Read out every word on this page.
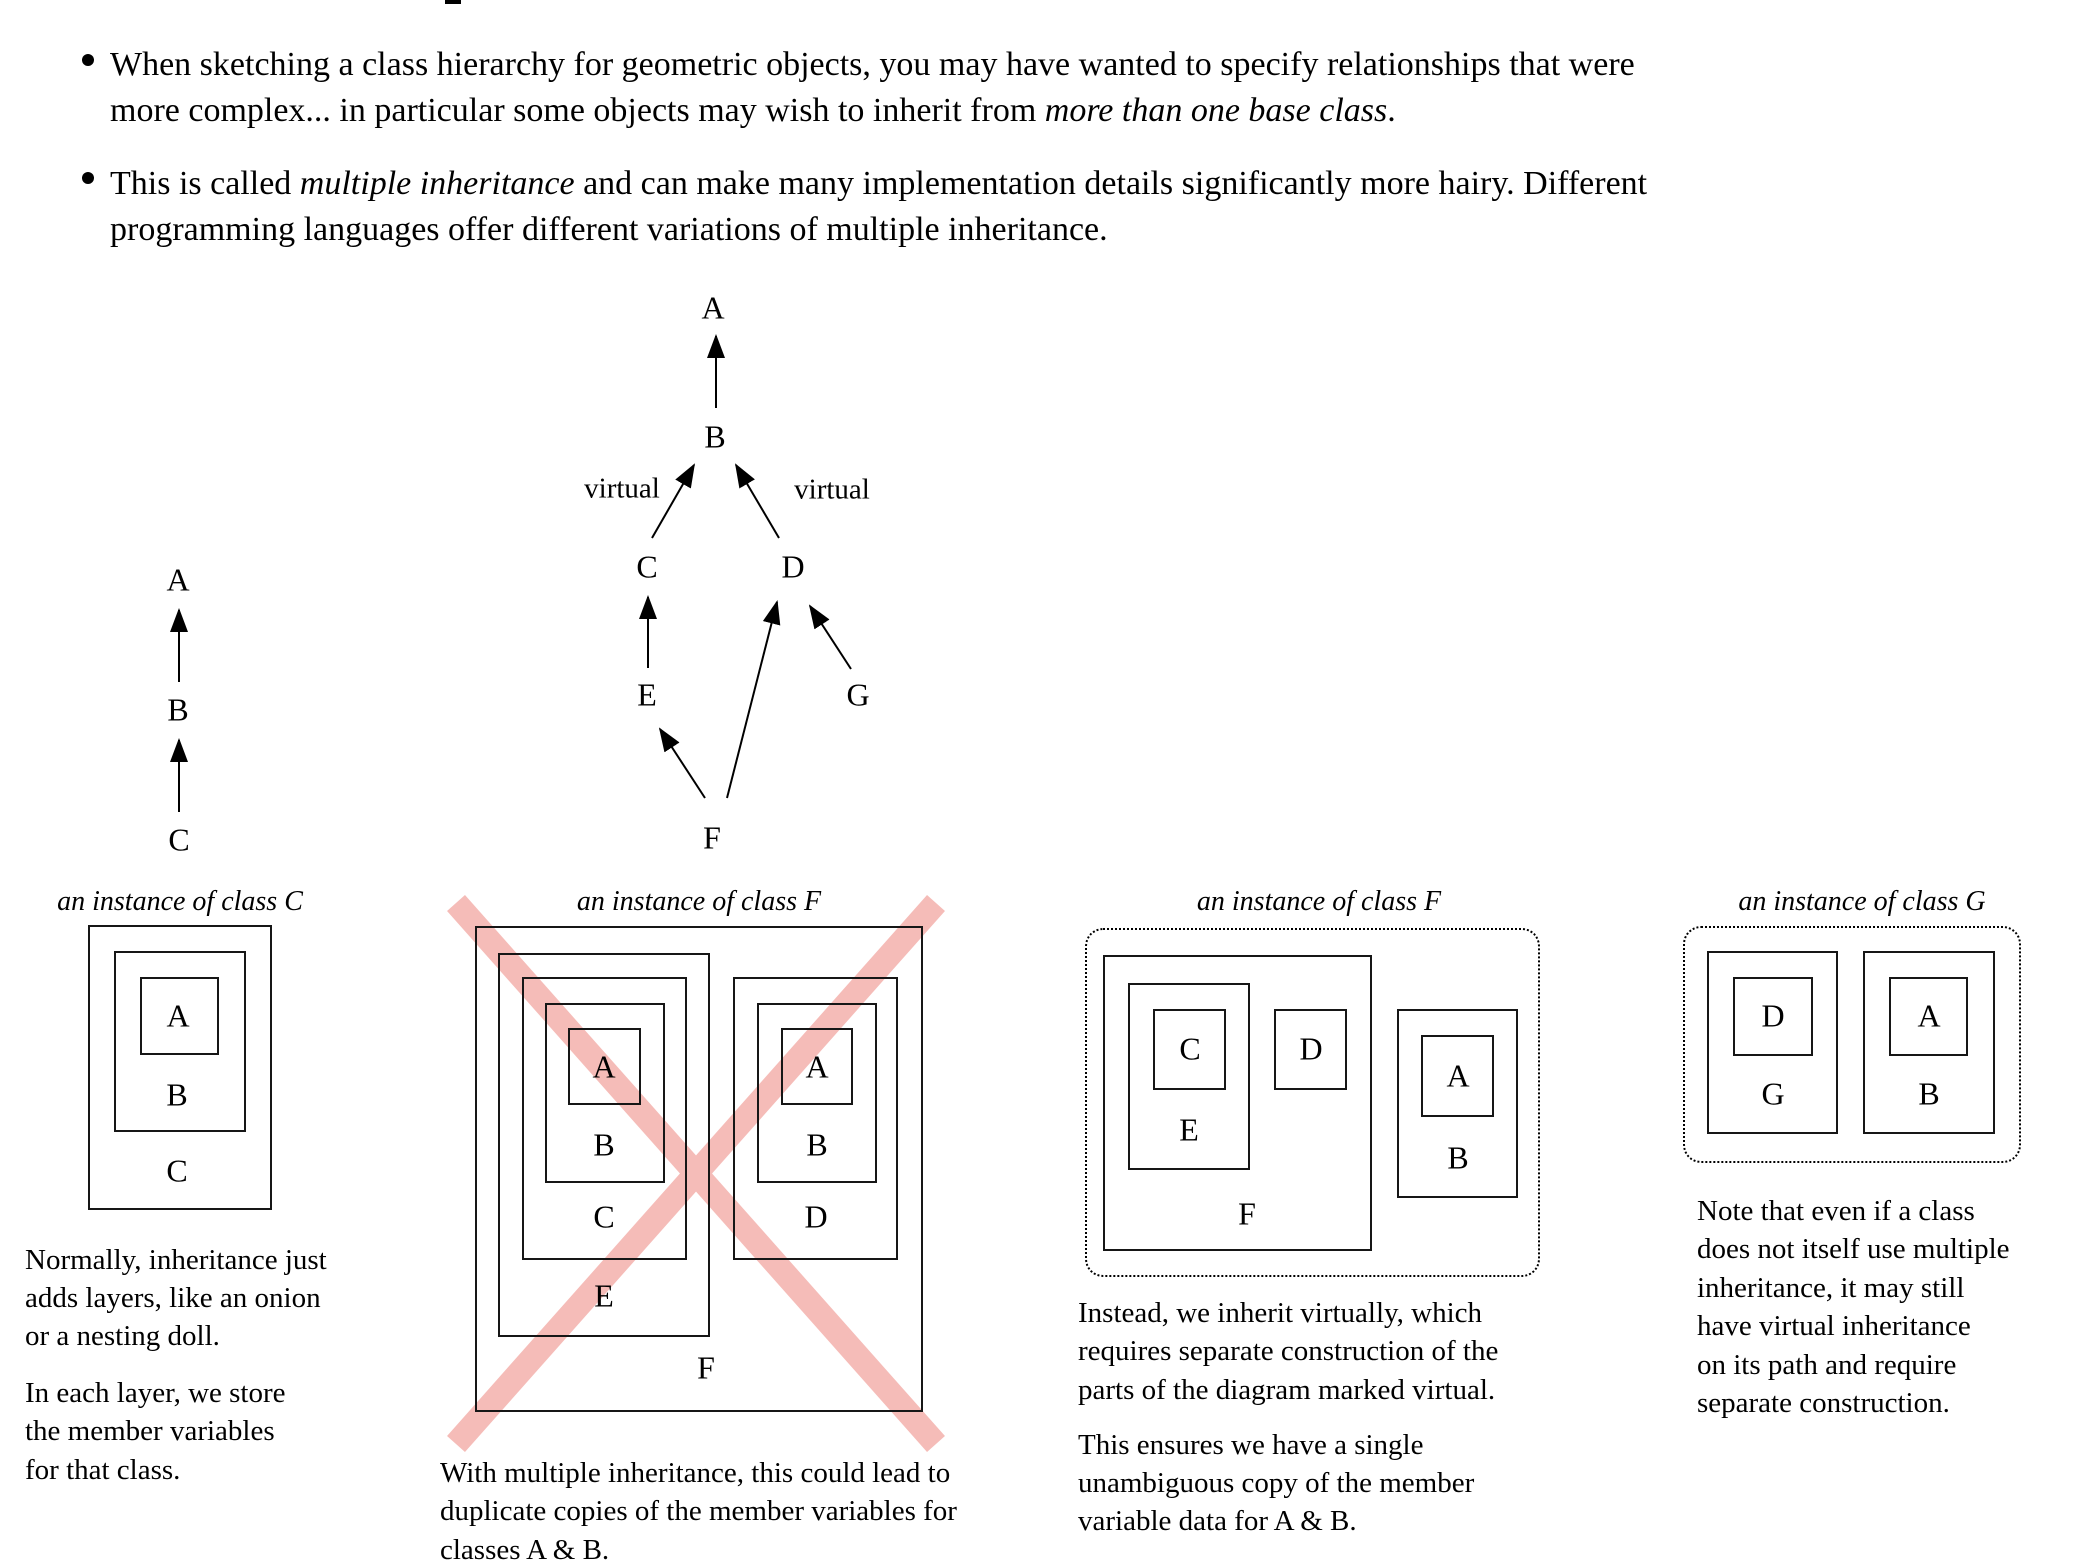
When sketching a class hierarchy for geometric objects, you may have wanted to specify relationships that were
more complex... in particular some objects may wish to inherit from more than one base class.
This is called multiple inheritance and can make many implementation details significantly more hairy. Different
programming languages offer different variations of multiple inheritance.
A
B
C
A
B
virtual	virtual
C	D
E	G
F
an instance of class C	an instance of class F	an instance of class F	an instance of class G
A
B
C
A
B
C
E
A
B
D
F
C	D
E
F
A
B
D
G
A
B
Normally, inheritance just
adds layers, like an onion
or a nesting doll.
In each layer, we store
the member variables
for that class.	With multiple inheritance, this could lead to
duplicate copies of the member variables for
classes A & B.
Instead, we inherit virtually, which
requires separate construction of the
parts of the diagram marked virtual.
This ensures we have a single
unambiguous copy of the member
variable data for A & B.
Note that even if a class
does not itself use multiple
inheritance, it may still
have virtual inheritance
on its path and require
separate construction.
